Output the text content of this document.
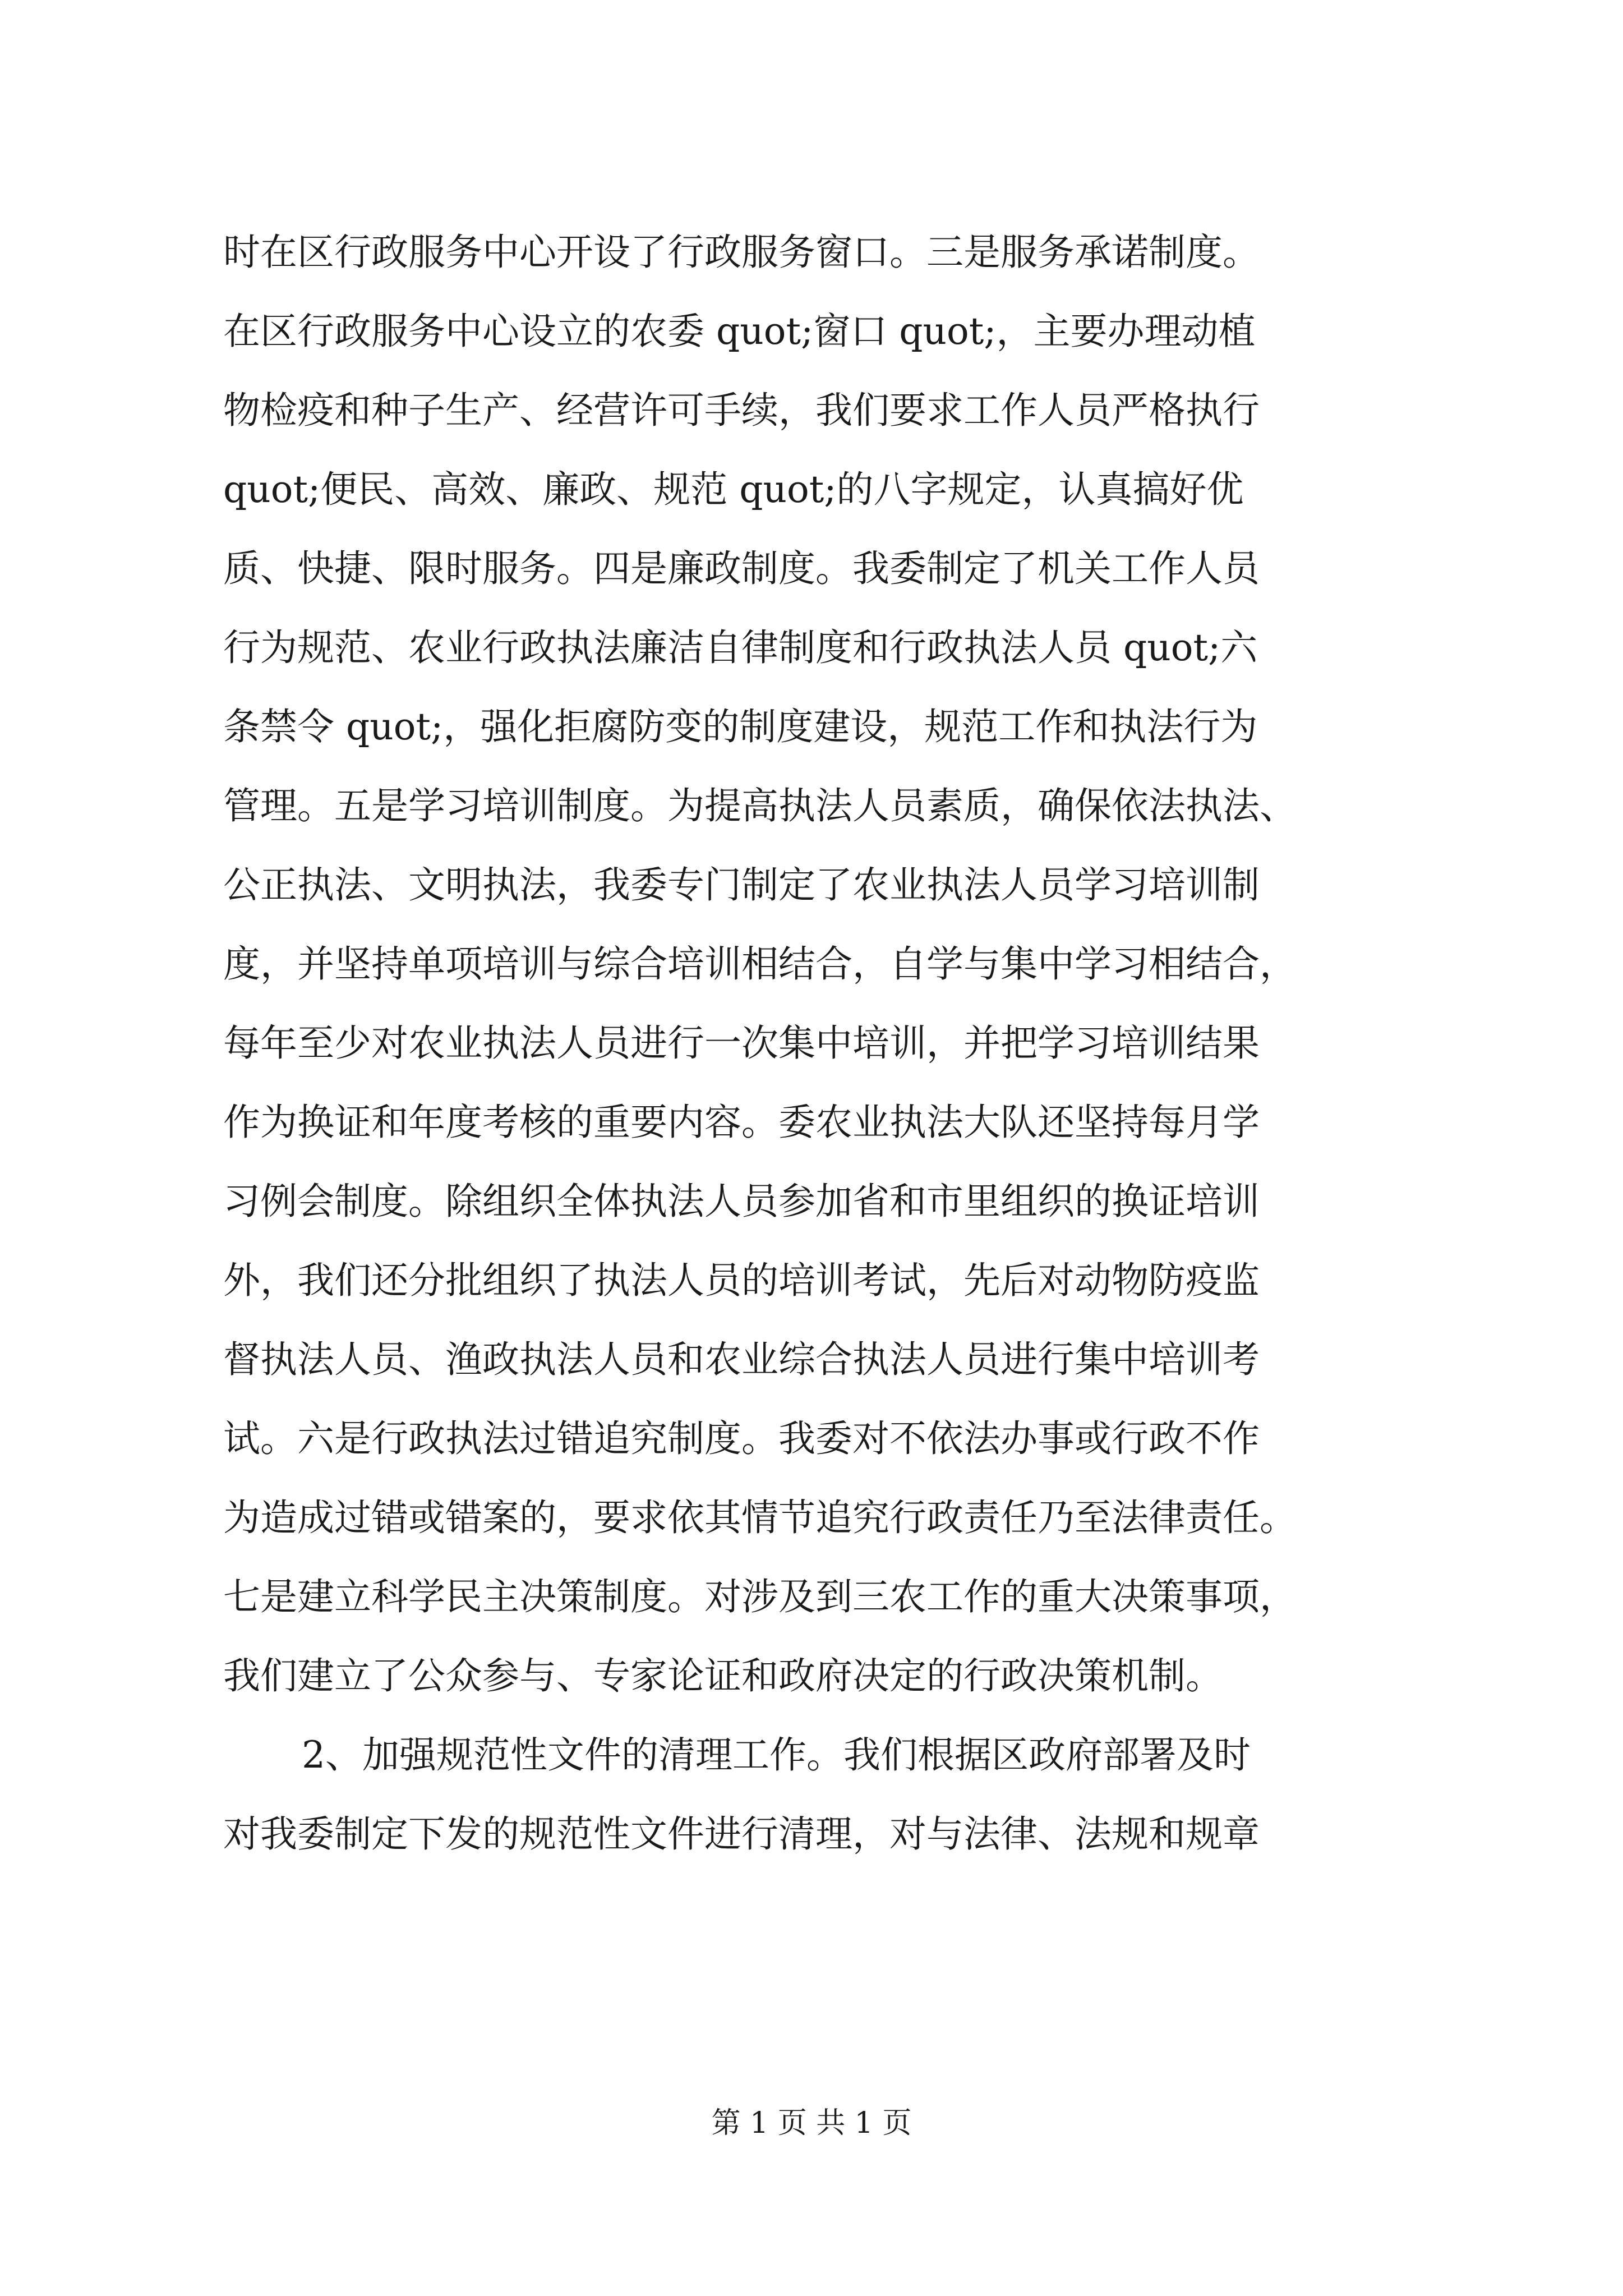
时在区行政服务中心开设了行政服务窗口。三是服务承诺制度。
在区行政服务中心设立的农委 quot;窗口 quot;，主要办理动植
物检疫和种子生产、经营许可手续，我们要求工作人员严格执行
quot;便民、高效、廉政、规范 quot;的八字规定，认真搞好优
质、快捷、限时服务。四是廉政制度。我委制定了机关工作人员
行为规范、农业行政执法廉洁自律制度和行政执法人员 quot;六
条禁令 quot;，强化拒腐防变的制度建设，规范工作和执法行为
管理。五是学习培训制度。为提高执法人员素质，确保依法执法、
公正执法、文明执法，我委专门制定了农业执法人员学习培训制
度，并坚持单项培训与综合培训相结合，自学与集中学习相结合，
每年至少对农业执法人员进行一次集中培训，并把学习培训结果
作为换证和年度考核的重要内容。委农业执法大队还坚持每月学
习例会制度。除组织全体执法人员参加省和市里组织的换证培训
外，我们还分批组织了执法人员的培训考试，先后对动物防疫监
督执法人员、渔政执法人员和农业综合执法人员进行集中培训考
试。六是行政执法过错追究制度。我委对不依法办事或行政不作
为造成过错或错案的，要求依其情节追究行政责任乃至法律责任。
七是建立科学民主决策制度。对涉及到三农工作的重大决策事项，
我们建立了公众参与、专家论证和政府决定的行政决策机制。
2、加强规范性文件的清理工作。我们根据区政府部署及时
对我委制定下发的规范性文件进行清理，对与法律、法规和规章
第 1 页 共 1 页
